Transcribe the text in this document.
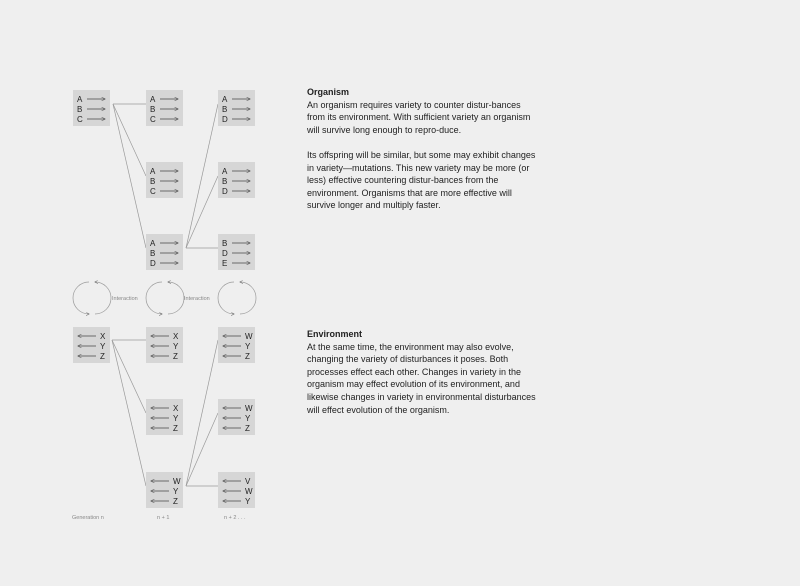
A
B
C
A
B
C
A
B
C
A
B
D
A
B
D
A
B
D
B
D
E
X
Y
Z
X
Y
Z
X
Y
Z
W
Y
Z
W
Y
Z
W
Y
Z
V
W
Y
Interaction	Interaction
Organism

An organism requires variety to counter distur-bances from its environment. With sufficient variety an organism will survive long enough to repro-duce.

Its offspring will be similar, but some may exhibit changes in variety—mutations. This new variety may be more (or less) effective countering distur-bances from the environment. Organisms that are more effective will survive longer and multiply faster.

Environment

At the same time, the environment may also evolve, changing the variety of disturbances it poses. Both processes effect each other. Changes in variety in the organism may effect evolution of its environment, and likewise changes in variety in environmental disturbances will effect evolution of the organism.

Generation n	n + 1	n + 2 . . .
